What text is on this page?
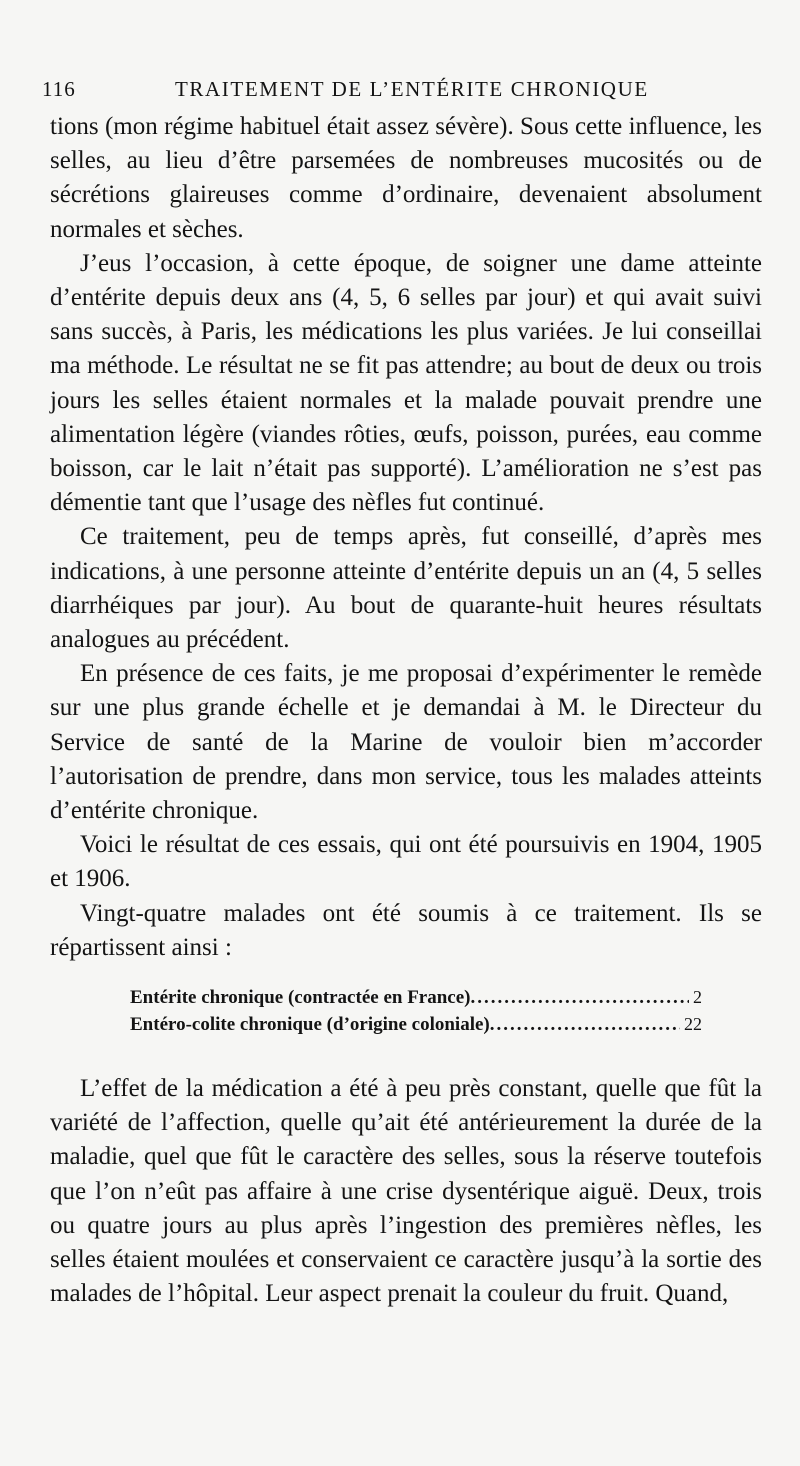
116	TRAITEMENT DE L’ENTÉRITE CHRONIQUE

tions (mon régime habituel était assez sévère). Sous cette influence, les selles, au lieu d’être parsemées de nombreuses mucosités ou de sécrétions glaireuses comme d’ordinaire, devenaient absolument normales et sèches.

J’eus l’occasion, à cette époque, de soigner une dame atteinte d’entérite depuis deux ans (4, 5, 6 selles par jour) et qui avait suivi sans succès, à Paris, les médications les plus variées. Je lui conseillai ma méthode. Le résultat ne se fit pas attendre; au bout de deux ou trois jours les selles étaient normales et la malade pouvait prendre une alimentation légère (viandes rôties, œufs, poisson, purées, eau comme boisson, car le lait n’était pas supporté). L’amélioration ne s’est pas démentie tant que l’usage des nèfles fut continué.

Ce traitement, peu de temps après, fut conseillé, d’après mes indications, à une personne atteinte d’entérite depuis un an (4, 5 selles diarrhéiques par jour). Au bout de quarante-huit heures résultats analogues au précédent.

En présence de ces faits, je me proposai d’expérimenter le remède sur une plus grande échelle et je demandai à M. le Directeur du Service de santé de la Marine de vouloir bien m’accorder l’autorisation de prendre, dans mon service, tous les malades atteints d’entérite chronique.

Voici le résultat de ces essais, qui ont été poursuivis en 1904, 1905 et 1906.

Vingt-quatre malades ont été soumis à ce traitement. Ils se répartissent ainsi :

Entérite chronique (contractée en France) .....	2
Entéro-colite chronique (d’origine coloniale) .....	22

L’effet de la médication a été à peu près constant, quelle que fût la variété de l’affection, quelle qu’ait été antérieurement la durée de la maladie, quel que fût le caractère des selles, sous la réserve toutefois que l’on n’eût pas affaire à une crise dysentérique aiguë. Deux, trois ou quatre jours au plus après l’ingestion des premières nèfles, les selles étaient moulées et conservaient ce caractère jusqu’à la sortie des malades de l’hôpital. Leur aspect prenait la couleur du fruit. Quand,
